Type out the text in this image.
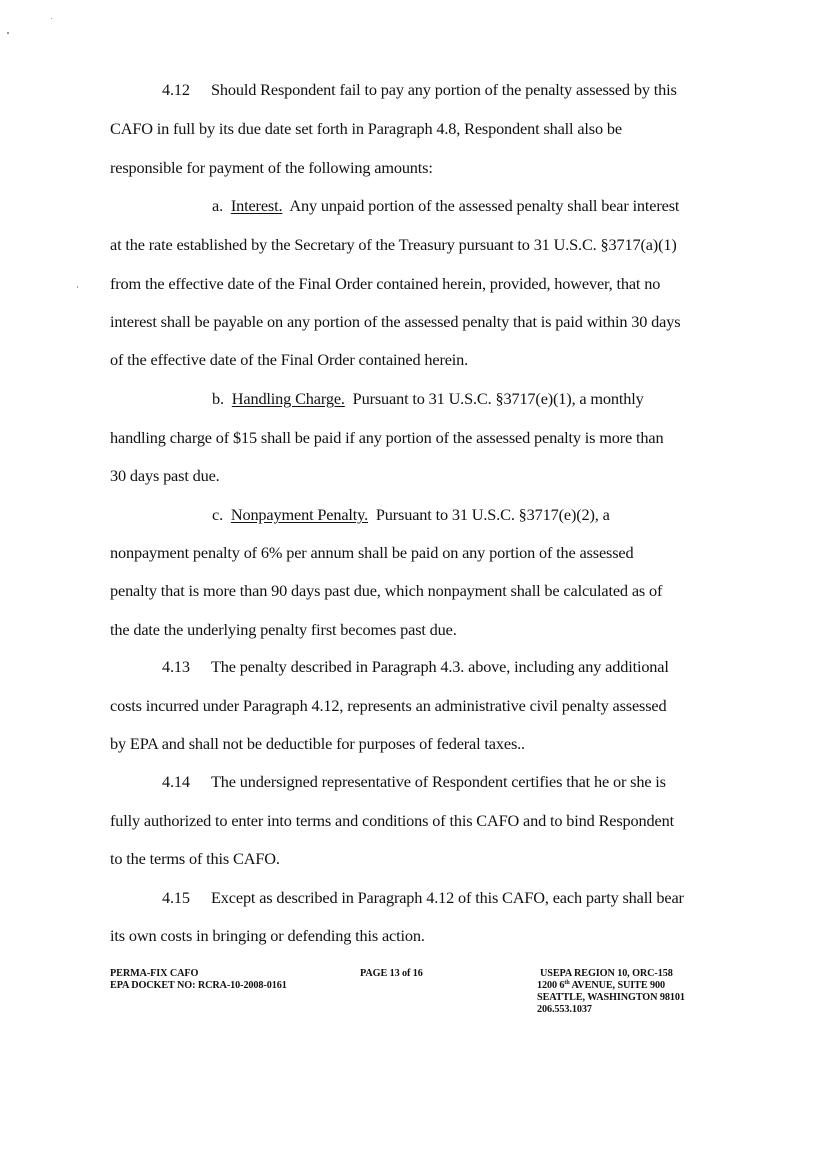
4.12 Should Respondent fail to pay any portion of the penalty assessed by this
CAFO in full by its due date set forth in Paragraph 4.8, Respondent shall also be
responsible for payment of the following amounts:
a. Interest. Any unpaid portion of the assessed penalty shall bear interest
at the rate established by the Secretary of the Treasury pursuant to 31 U.S.C. §3717(a)(1)
from the effective date of the Final Order contained herein, provided, however, that no
interest shall be payable on any portion of the assessed penalty that is paid within 30 days
of the effective date of the Final Order contained herein.
b. Handling Charge. Pursuant to 31 U.S.C. §3717(e)(1), a monthly
handling charge of $15 shall be paid if any portion of the assessed penalty is more than
30 days past due.
c. Nonpayment Penalty. Pursuant to 31 U.S.C. §3717(e)(2), a
nonpayment penalty of 6% per annum shall be paid on any portion of the assessed
penalty that is more than 90 days past due, which nonpayment shall be calculated as of
the date the underlying penalty first becomes past due.
4.13 The penalty described in Paragraph 4.3. above, including any additional
costs incurred under Paragraph 4.12, represents an administrative civil penalty assessed
by EPA and shall not be deductible for purposes of federal taxes..
4.14 The undersigned representative of Respondent certifies that he or she is
fully authorized to enter into terms and conditions of this CAFO and to bind Respondent
to the terms of this CAFO.
4.15 Except as described in Paragraph 4.12 of this CAFO, each party shall bear
its own costs in bringing or defending this action.
PERMA-FIX CAFO
EPA DOCKET NO: RCRA-10-2008-0161
PAGE 13 of 16	USEPA REGION 10, ORC-158
1200 6th AVENUE, SUITE 900
SEATTLE, WASHINGTON 98101
206.553.1037
